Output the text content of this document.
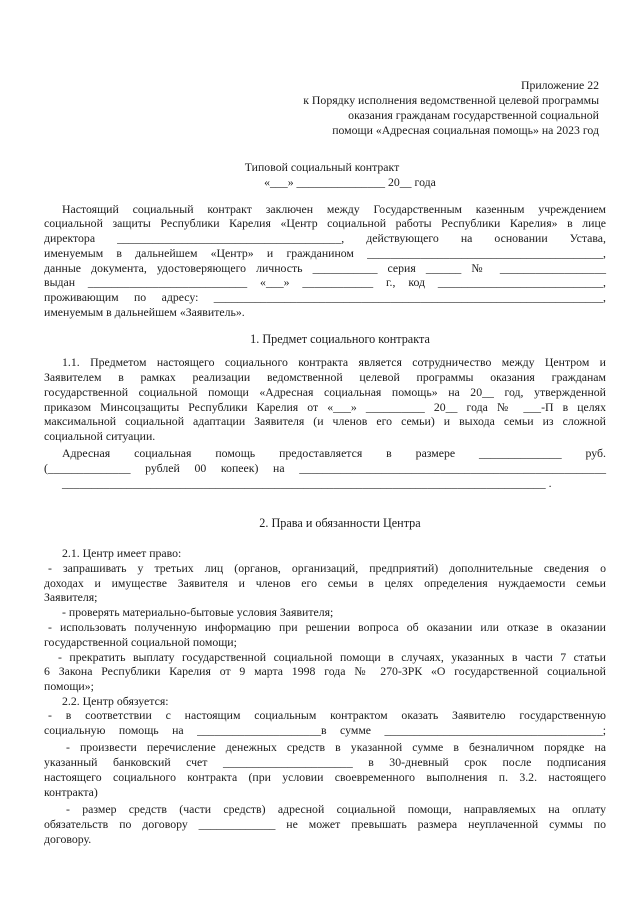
Приложение 22
к Порядку исполнения ведомственной целевой программы
оказания гражданам государственной социальной
помощи «Адресная социальная помощь» на 2023 год
Типовой социальный контракт
«___» _______________ 20__ года
Настоящий социальный контракт заключен между Государственным казенным учреждением
социальной защиты Республики Карелия «Центр социальной работы Республики Карелия» в лице
директора ______________________________________, действующего на основании Устава,
именуемым в дальнейшем «Центр» и гражданином ________________________________________,
данные документа, удостоверяющего личность ___________ серия ______ № __________________
выдан ___________________________ «___» ____________ г., код ____________________________,
проживающим по адресу: __________________________________________________________________,
именуемым в дальнейшем «Заявитель».
1. Предмет социального контракта
1.1. Предметом настоящего социального контракта является сотрудничество между Центром и
Заявителем в рамках реализации ведомственной целевой программы оказания гражданам
государственной социальной помощи «Адресная социальная помощь» на 20__ год, утвержденной
приказом Минсоцзащиты Республики Карелия от «___» __________ 20__ года № ___-П в целях
максимальной социальной адаптации Заявителя (и членов его семьи) и выхода семьи из сложной
социальной ситуации.
Адресная социальная помощь предоставляется в размере ______________ руб.
(______________ рублей 00 копеек) на ____________________________________________________
__________________________________________________________________________________ .
2. Права и обязанности Центра
2.1. Центр имеет право:
- запрашивать у третьих лиц (органов, организаций, предприятий) дополнительные сведения о
доходах и имуществе Заявителя и членов его семьи в целях определения нуждаемости семьи
Заявителя;
- проверять материально-бытовые условия Заявителя;
- использовать полученную информацию при решении вопроса об оказании или отказе в оказании
государственной социальной помощи;
- прекратить выплату государственной социальной помощи в случаях, указанных в части 7 статьи
6 Закона Республики Карелия от 9 марта 1998 года № 270-ЗРК «О государственной социальной
помощи»;
2.2. Центр обязуется:
- в соответствии с настоящим социальным контрактом оказать Заявителю государственную
социальную помощь на _____________________в сумме _____________________________________;
- произвести перечисление денежных средств в указанной сумме в безналичном порядке на
указанный банковский счет ______________________ в 30-дневный срок после подписания
настоящего социального контракта (при условии своевременного выполнения п. 3.2. настоящего
контракта)
- размер средств (части средств) адресной социальной помощи, направляемых на оплату
обязательств по договору _____________ не может превышать размера неуплаченной суммы по
договору.
